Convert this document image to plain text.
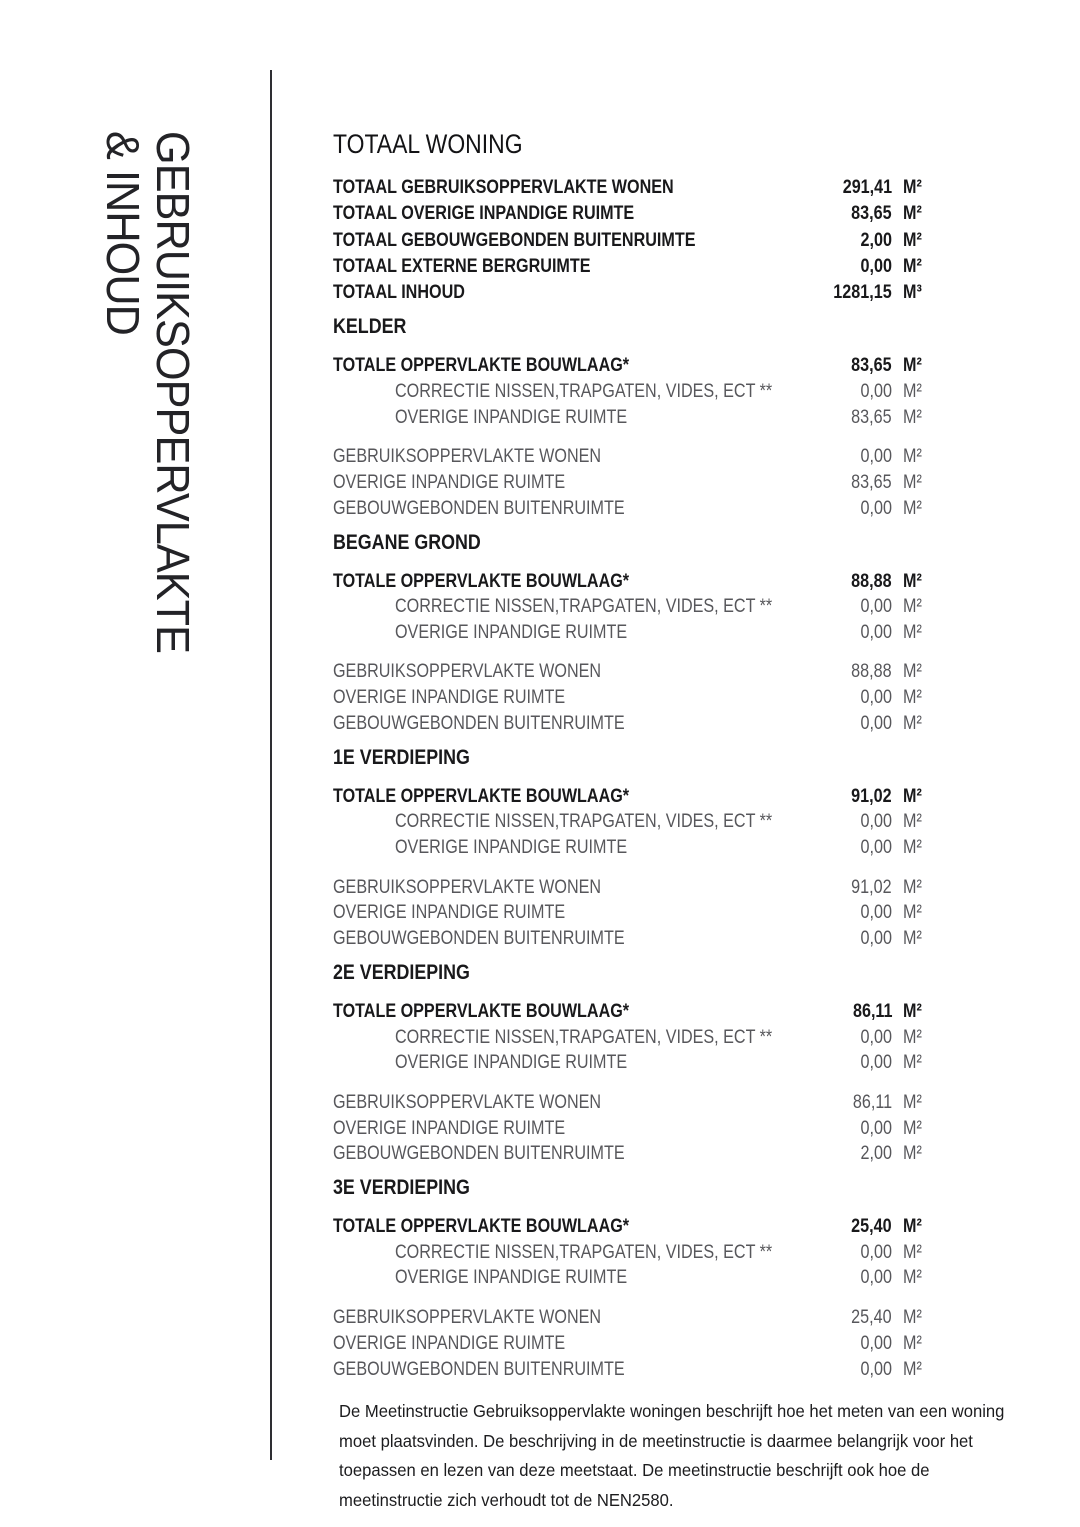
GEBRUIKSOPPERVLAKTE
& INHOUD	TOTAAL WONING
TOTAAL GEBRUIKSOPPERVLAKTE WONEN	291,41 M²
TOTAAL OVERIGE INPANDIGE RUIMTE	83,65 M²
TOTAAL GEBOUWGEBONDEN BUITENRUIMTE	2,00 M²
TOTAAL EXTERNE BERGRUIMTE	0,00 M²
TOTAAL INHOUD	1281,15 M³
KELDER
TOTALE OPPERVLAKTE BOUWLAAG*	83,65 M²
CORRECTIE NISSEN,TRAPGATEN, VIDES, ECT **	0,00 M²
OVERIGE INPANDIGE RUIMTE	83,65 M²
GEBRUIKSOPPERVLAKTE WONEN	0,00 M²
OVERIGE INPANDIGE RUIMTE	83,65 M²
GEBOUWGEBONDEN BUITENRUIMTE	0,00 M²
BEGANE GROND
TOTALE OPPERVLAKTE BOUWLAAG*	88,88 M²
CORRECTIE NISSEN,TRAPGATEN, VIDES, ECT **	0,00 M²
OVERIGE INPANDIGE RUIMTE	0,00 M²
GEBRUIKSOPPERVLAKTE WONEN	88,88 M²
OVERIGE INPANDIGE RUIMTE	0,00 M²
GEBOUWGEBONDEN BUITENRUIMTE	0,00 M²
1E VERDIEPING
TOTALE OPPERVLAKTE BOUWLAAG*	91,02 M²
CORRECTIE NISSEN,TRAPGATEN, VIDES, ECT **	0,00 M²
OVERIGE INPANDIGE RUIMTE	0,00 M²
GEBRUIKSOPPERVLAKTE WONEN	91,02 M²
OVERIGE INPANDIGE RUIMTE	0,00 M²
GEBOUWGEBONDEN BUITENRUIMTE	0,00 M²
2E VERDIEPING
TOTALE OPPERVLAKTE BOUWLAAG*	86,11 M²
CORRECTIE NISSEN,TRAPGATEN, VIDES, ECT **	0,00 M²
OVERIGE INPANDIGE RUIMTE	0,00 M²
GEBRUIKSOPPERVLAKTE WONEN	86,11 M²
OVERIGE INPANDIGE RUIMTE	0,00 M²
GEBOUWGEBONDEN BUITENRUIMTE	2,00 M²
3E VERDIEPING
TOTALE OPPERVLAKTE BOUWLAAG*	25,40 M²
CORRECTIE NISSEN,TRAPGATEN, VIDES, ECT **	0,00 M²
OVERIGE INPANDIGE RUIMTE	0,00 M²
GEBRUIKSOPPERVLAKTE WONEN	25,40 M²
OVERIGE INPANDIGE RUIMTE	0,00 M²
GEBOUWGEBONDEN BUITENRUIMTE	0,00 M²
De Meetinstructie Gebruiksoppervlakte woningen beschrijft hoe het meten van een woning
moet plaatsvinden. De beschrijving in de meetinstructie is daarmee belangrijk voor het
toepassen en lezen van deze meetstaat. De meetinstructie beschrijft ook hoe de
meetinstructie zich verhoudt tot de NEN2580.
